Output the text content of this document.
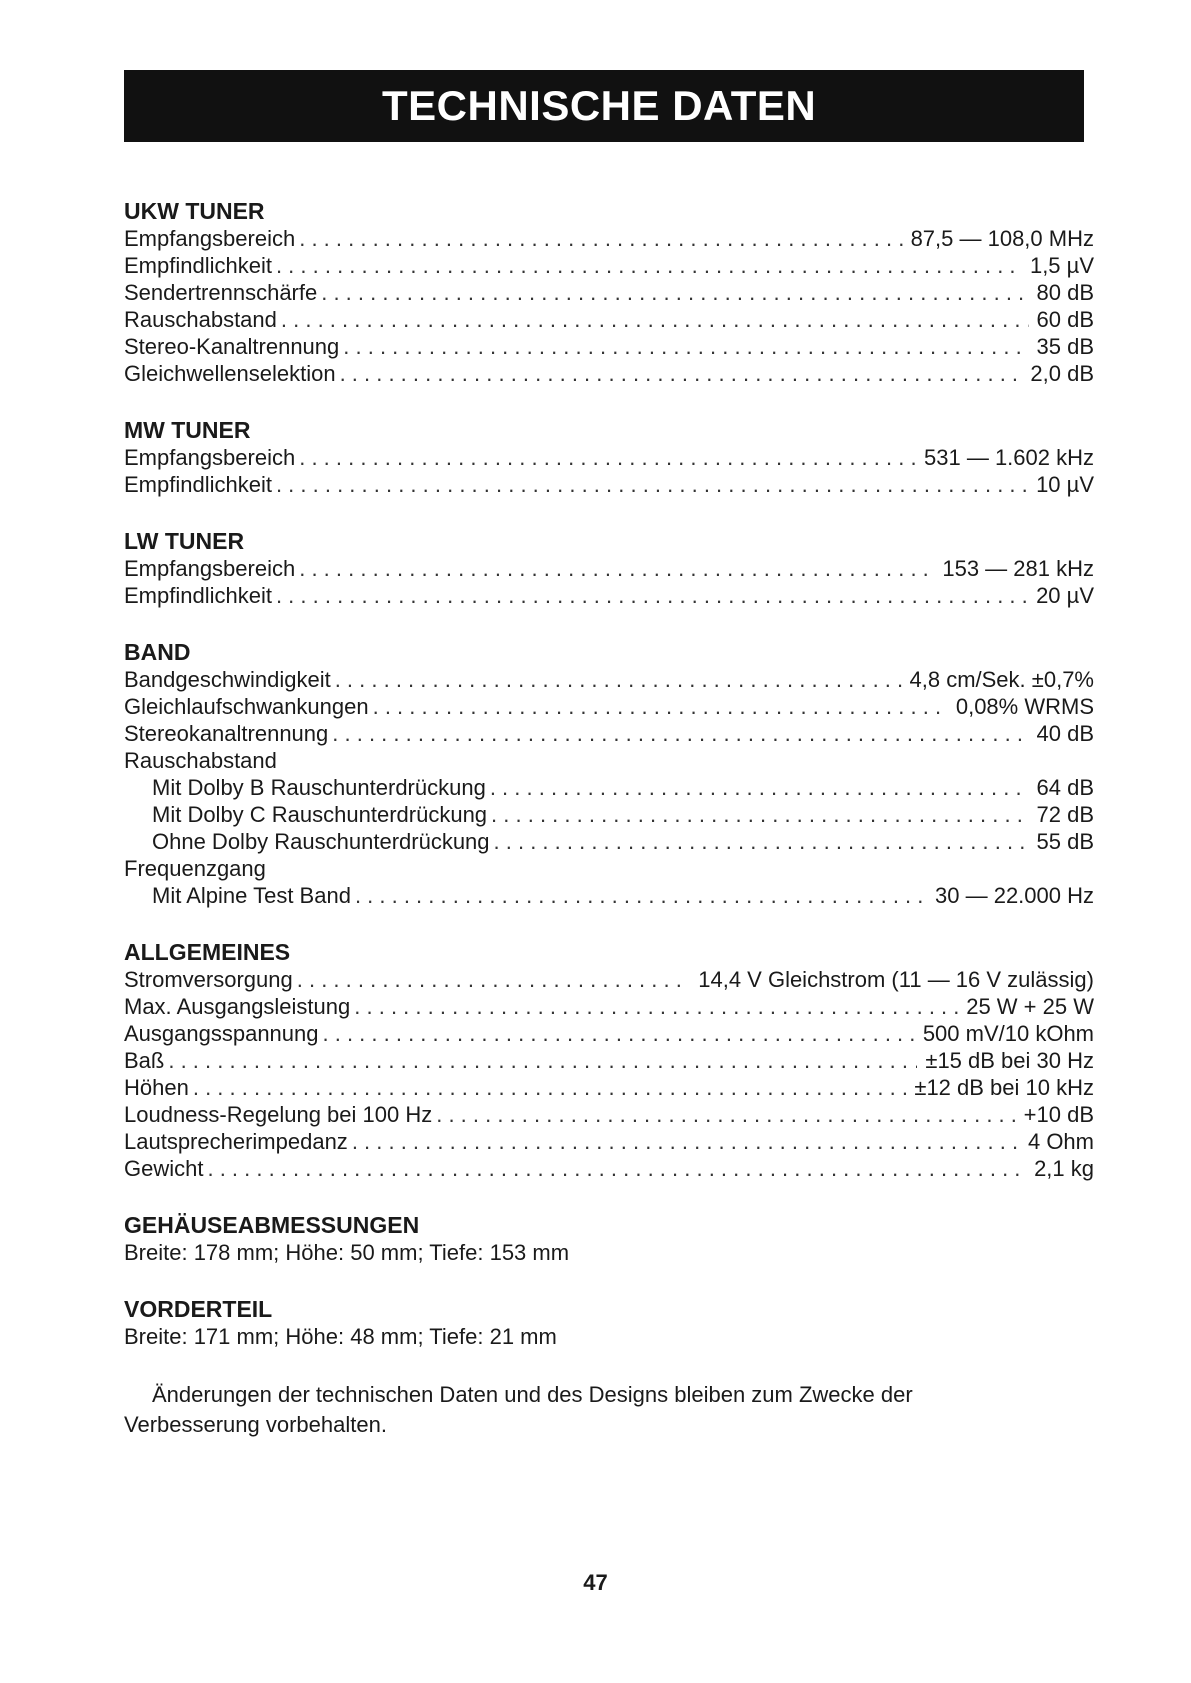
TECHNISCHE DATEN
UKW TUNER
Empfangsbereich . . .	87,5 — 108,0 MHz
Empfindlichkeit . . .	1,5 µV
Sendertrennschärfe . . .	80 dB
Rauschabstand . . .	60 dB
Stereo-Kanaltrennung . . .	35 dB
Gleichwellenselektion . . .	2,0 dB
MW TUNER
Empfangsbereich . . .	531 — 1.602 kHz
Empfindlichkeit . . .	10 µV
LW TUNER
Empfangsbereich . . .	153 — 281 kHz
Empfindlichkeit . . .	20 µV
BAND
Bandgeschwindigkeit . . .	4,8 cm/Sek. ±0,7%
Gleichlaufschwankungen . . .	0,08% WRMS
Stereokanaltrennung . . .	40 dB
Rauschabstand
Mit Dolby B Rauschunterdrückung . . .	64 dB
Mit Dolby C Rauschunterdrückung . . .	72 dB
Ohne Dolby Rauschunterdrückung . . .	55 dB
Frequenzgang
Mit Alpine Test Band . . .	30 — 22.000 Hz
ALLGEMEINES
Stromversorgung . . .	14,4 V Gleichstrom (11 — 16 V zulässig)
Max. Ausgangsleistung . . .	25 W + 25 W
Ausgangsspannung . . .	500 mV/10 kOhm
Baß . . .	±15 dB bei 30 Hz
Höhen . . .	±12 dB bei 10 kHz
Loudness-Regelung bei 100 Hz . . .	+10 dB
Lautsprecherimpedanz . . .	4 Ohm
Gewicht . . .	2,1 kg
GEHÄUSEABMESSUNGEN
Breite: 178 mm; Höhe: 50 mm; Tiefe: 153 mm
VORDERTEIL
Breite: 171 mm; Höhe: 48 mm; Tiefe: 21 mm
Änderungen der technischen Daten und des Designs bleiben zum Zwecke der Verbesserung vorbehalten.
47
